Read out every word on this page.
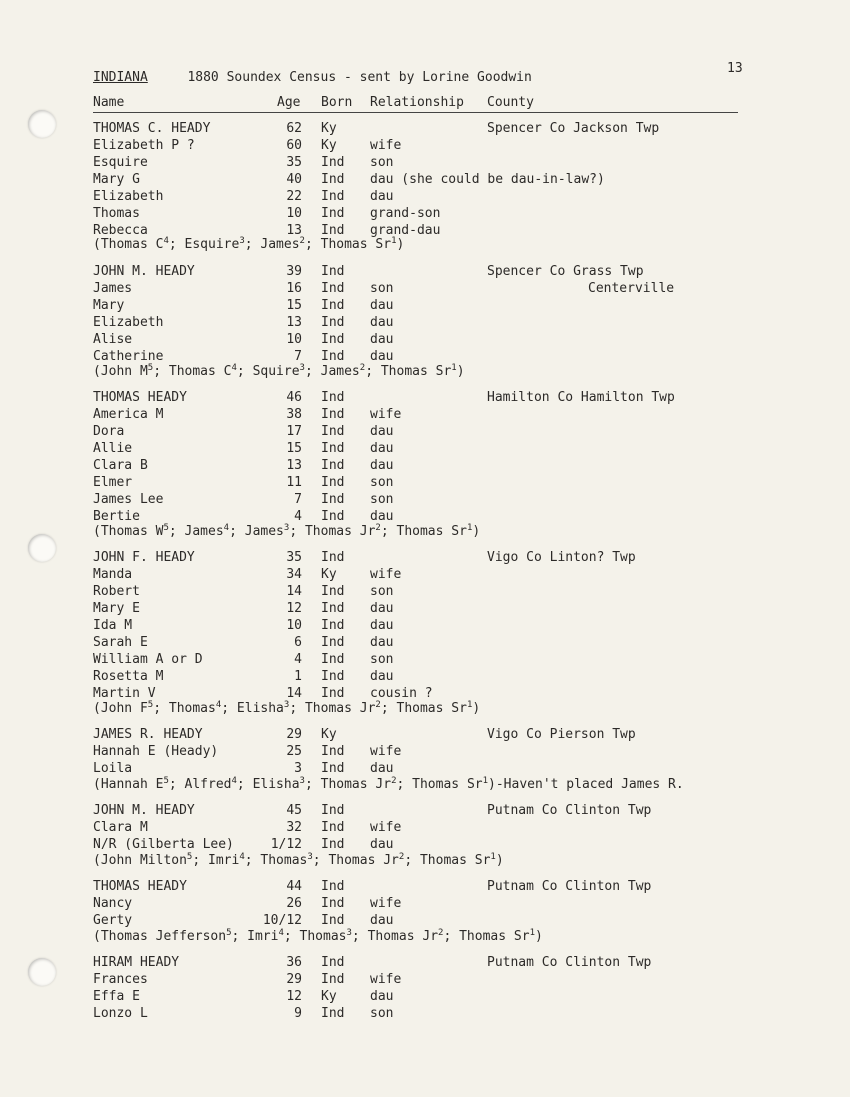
13
INDIANA	1880 Soundex Census - sent by Lorine Goodwin
Name	Age Born Relationship County
THOMAS C. HEADY	62 Ky	Spencer Co Jackson Twp
Elizabeth P ?	60 Ky	wife
Esquire	35 Ind son
Mary G	40 Ind dau (she could be dau-in-law?)
Elizabeth	22 Ind dau
Thomas	10 Ind grand-son
Rebecca	13 Ind grand-dau
(Thomas $C^4$; Esquire$^3$; James$^2$; Thomas Sr$^1$)
JOHN M. HEADY	39 Ind	Spencer Co Grass Twp
James	16 Ind son	Centerville
Mary	15 Ind dau
Elizabeth	13 Ind dau
Alise	10 Ind dau
Catherine	7 Ind dau
(John $M^5$; Thomas $C^4$; Squire$^3$; James$^2$; Thomas Sr$^1$)
THOMAS HEADY	46 Ind	Hamilton Co Hamilton Twp
America M	38 Ind wife
Dora	17 Ind dau
Allie	15 Ind dau
Clara B	13 Ind dau
Elmer	11 Ind son
James Lee	7 Ind son
Bertie	4 Ind dau
(Thomas $W^5$; James$^4$; James$^3$; Thomas Jr$^2$; Thomas Sr$^1$)
JOHN F. HEADY	35 Ind	Vigo Co Linton? Twp
Manda	34 Ky	wife
Robert	14 Ind son
Mary E	12 Ind dau
Ida M	10 Ind dau
Sarah E	6 Ind dau
William A or D	4 Ind son
Rosetta M	1 Ind dau
Martin V	14 Ind cousin ?
(John $F^5$; Thomas$^4$; Elisha$^3$; Thomas Jr$^2$; Thomas Sr$^1$)
JAMES R. HEADY	29 Ky	Vigo Co Pierson Twp
Hannah E (Heady)	25 Ind wife
Loila	3 Ind dau
(Hannah $E^5$; Alfred$^4$; Elisha$^3$; Thomas Jr$^2$; Thomas Sr$^1$)-Haven't placed James R.
JOHN M. HEADY	45 Ind	Putnam Co Clinton Twp
Clara M	32 Ind wife
N/R (Gilberta Lee)	1/12 Ind dau
(John Milton$^5$; Imri$^4$; Thomas$^3$; Thomas Jr$^2$; Thomas Sr$^1$)
THOMAS HEADY	44 Ind	Putnam Co Clinton Twp
Nancy	26 Ind wife
Gerty	10/12 Ind dau
(Thomas Jefferson$^5$; Imri$^4$; Thomas$^3$; Thomas Jr$^2$; Thomas Sr$^1$)
HIRAM HEADY	36 Ind	Putnam Co Clinton Twp
Frances	29 Ind wife
Effa E	12 Ky	dau
Lonzo L	9 Ind son
